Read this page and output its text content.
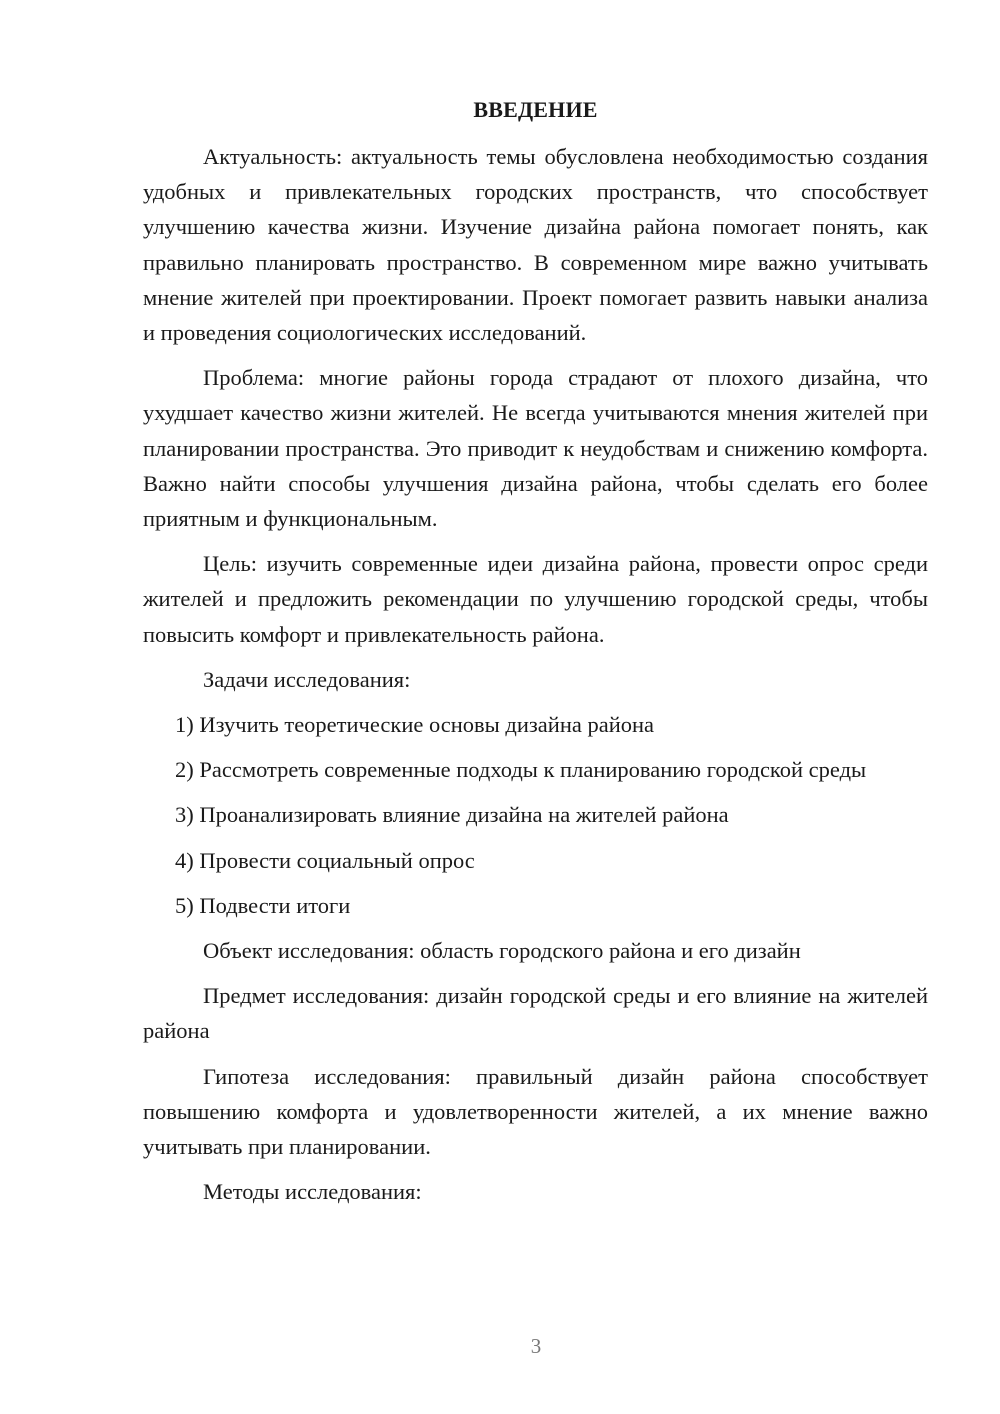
ВВЕДЕНИЕ

Актуальность: актуальность темы обусловлена необходимостью создания удобных и привлекательных городских пространств, что способствует улучшению качества жизни. Изучение дизайна района помогает понять, как правильно планировать пространство. В современном мире важно учитывать мнение жителей при проектировании. Проект помогает развить навыки анализа и проведения социологических исследований.

Проблема: многие районы города страдают от плохого дизайна, что ухудшает качество жизни жителей. Не всегда учитываются мнения жителей при планировании пространства. Это приводит к неудобствам и снижению комфорта. Важно найти способы улучшения дизайна района, чтобы сделать его более приятным и функциональным.

Цель: изучить современные идеи дизайна района, провести опрос среди жителей и предложить рекомендации по улучшению городской среды, чтобы повысить комфорт и привлекательность района.

Задачи исследования:

1) Изучить теоретические основы дизайна района
2) Рассмотреть современные подходы к планированию городской среды
3) Проанализировать влияние дизайна на жителей района
4) Провести социальный опрос
5) Подвести итоги

Объект исследования: область городского района и его дизайн

Предмет исследования: дизайн городской среды и его влияние на жителей района

Гипотеза исследования: правильный дизайн района способствует повышению комфорта и удовлетворенности жителей, а их мнение важно учитывать при планировании.

Методы исследования:

3
